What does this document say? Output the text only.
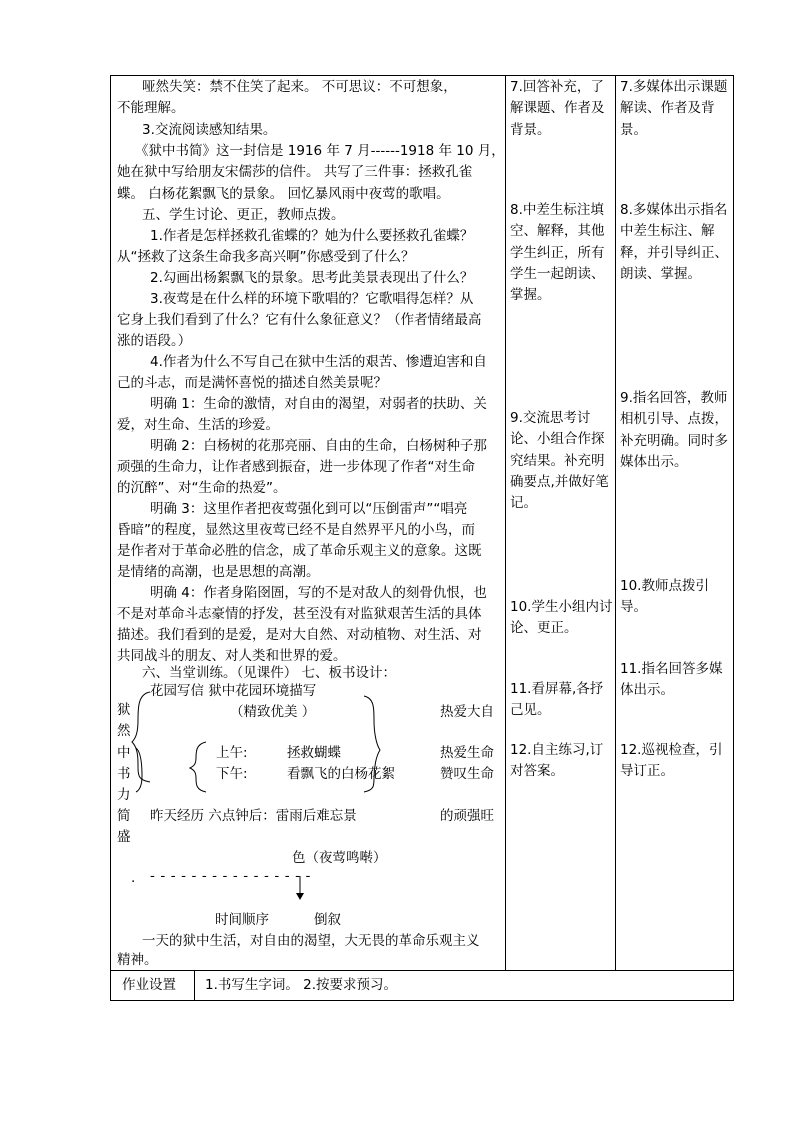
哑然失笑：禁不住笑了起来。 不可思议：不可想象，

不能理解。

3.交流阅读感知结果。

《狱中书简》这一封信是 1916 年 7 月------1918 年 10 月，

她在狱中写给朋友宋儒莎的信件。 共写了三件事：拯救孔雀

蝶。 白杨花絮飘飞的景象。 回忆暴风雨中夜莺的歌唱。

五、学生讨论、更正，教师点拨。

1.作者是怎样拯救孔雀蝶的？她为什么要拯救孔雀蝶？

从“拯救了这条生命我多高兴啊”你感受到了什么？

2.勾画出杨絮飘飞的景象。思考此美景表现出了什么？

3.夜莺是在什么样的环境下歌唱的？它歌唱得怎样？从

它身上我们看到了什么？它有什么象征意义？（作者情绪最高

涨的语段。）

4.作者为什么不写自己在狱中生活的艰苦、惨遭迫害和自

己的斗志，而是满怀喜悦的描述自然美景呢？

明确 1：生命的激情，对自由的渴望，对弱者的扶助、关

爱，对生命、生活的珍爱。

明确 2：白杨树的花那亮丽、自由的生命，白杨树种子那

顽强的生命力，让作者感到振奋，进一步体现了作者“对生命

的沉醉”、对“生命的热爱”。

明确 3：这里作者把夜莺强化到可以“压倒雷声”“唱亮

昏暗”的程度，显然这里夜莺已经不是自然界平凡的小鸟，而

是作者对于革命必胜的信念，成了革命乐观主义的意象。这既

是情绪的高潮，也是思想的高潮。

明确 4：作者身陷囹圄，写的不是对敌人的刻骨仇恨，也

不是对革命斗志豪情的抒发，甚至没有对监狱艰苦生活的具体

描述。我们看到的是爱，是对大自然、对动植物、对生活、对

共同战斗的朋友、对人类和世界的爱。

六、当堂训练。（见课件） 七、板书设计：

狱

然

中

书

力

简

盛

花园写信 狱中花园环境描写

（精致优美 ）

上午:	拯救蝴蝶

下午:	看飘飞的白杨花絮

昨天经历 六点钟后：雷雨后难忘景

热爱大自

热爱生命

赞叹生命

的顽强旺

色（夜莺鸣啭）

. - - - - - - - - - - - - - - - -

时间顺序	倒叙

一天的狱中生活，对自由的渴望，大无畏的革命乐观主义

精神。

7.回答补充，了解课题、作者及背景。

8.中差生标注填空、解释，其他学生纠正，所有学生一起朗读、掌握。

9.交流思考讨论、小组合作探究结果。补充明确要点,并做好笔记。

10.学生小组内讨论、更正。

11.看屏幕,各抒己见。

12.自主练习,订对答案。

7.多媒体出示课题解读、作者及背景。

8.多媒体出示指名中差生标注、解释，并引导纠正、朗读、掌握。

9.指名回答，教师相机引导、点拨，补充明确。同时多媒体出示。

10.教师点拨引导。

11.指名回答多媒体出示。

12.巡视检查，引导订正。

作业设置 1.书写生字词。 2.按要求预习。
